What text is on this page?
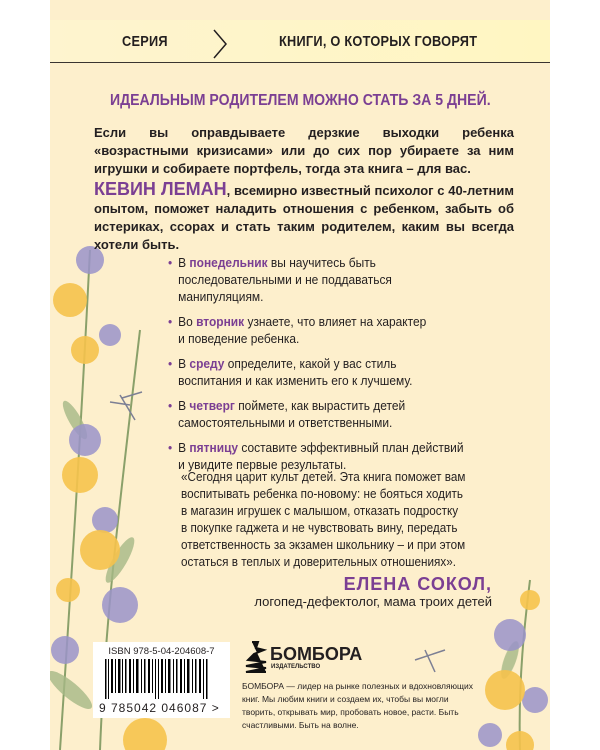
СЕРИЯ	КНИГИ, О КОТОРЫХ ГОВОРЯТ
ИДЕАЛЬНЫМ РОДИТЕЛЕМ МОЖНО СТАТЬ ЗА 5 ДНЕЙ.
Если вы оправдываете дерзкие выходки ребенка «возрастными кризисами» или до сих пор убираете за ним игрушки и собираете портфель, тогда эта книга – для вас.
КЕВИН ЛЕМАН, всемирно известный психолог с 40-летним опытом, поможет наладить отношения с ребенком, забыть об истериках, ссорах и стать таким родителем, каким вы всегда хотели быть.
• В понедельник вы научитесь быть
последовательными и не поддаваться
манипуляциям.
• Во вторник узнаете, что влияет на характер
и поведение ребенка.
• В среду определите, какой у вас стиль
воспитания и как изменить его к лучшему.
• В четверг поймете, как вырастить детей
самостоятельными и ответственными.
• В пятницу составите эффективный план действий
и увидите первые результаты.
«Сегодня царит культ детей. Эта книга поможет вам
воспитывать ребенка по-новому: не бояться ходить
в магазин игрушек с малышом, отказать подростку
в покупке гаджета и не чувствовать вину, передать
ответственность за экзамен школьнику – и при этом
остаться в теплых и доверительных отношениях».
ЕЛЕНА СОКОЛ,
логопед-дефектолог, мама троих детей
ISBN 978-5-04-204608-7
9 785042 046087 >
БОМБОРА
ИЗДАТЕЛЬСТВО
БОМБОРА — лидер на рынке полезных и вдохновляющих книг. Мы любим книги и создаем их, чтобы вы могли творить, открывать мир, пробовать новое, расти. Быть счастливыми. Быть на волне.
